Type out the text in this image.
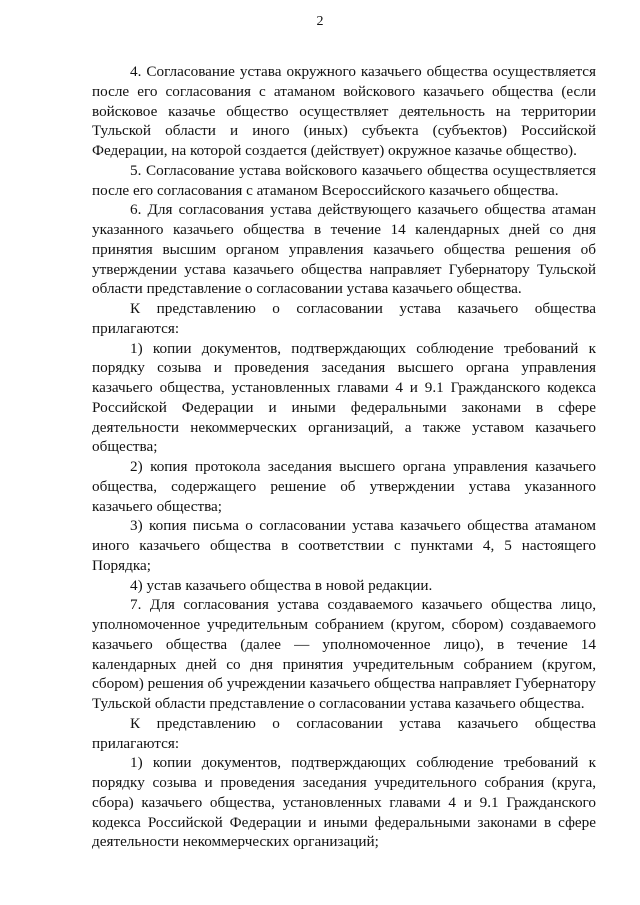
2

4. Согласование устава окружного казачьего общества осуществляется после его согласования с атаманом войскового казачьего общества (если войсковое казачье общество осуществляет деятельность на территории Тульской области и иного (иных) субъекта (субъектов) Российской Федерации, на которой создается (действует) окружное казачье общество).

5. Согласование устава войскового казачьего общества осуществляется после его согласования с атаманом Всероссийского казачьего общества.

6. Для согласования устава действующего казачьего общества атаман указанного казачьего общества в течение 14 календарных дней со дня принятия высшим органом управления казачьего общества решения об утверждении устава казачьего общества направляет Губернатору Тульской области представление о согласовании устава казачьего общества.

К представлению о согласовании устава казачьего общества прилагаются:

1) копии документов, подтверждающих соблюдение требований к порядку созыва и проведения заседания высшего органа управления казачьего общества, установленных главами 4 и 9.1 Гражданского кодекса Российской Федерации и иными федеральными законами в сфере деятельности некоммерческих организаций, а также уставом казачьего общества;

2) копия протокола заседания высшего органа управления казачьего общества, содержащего решение об утверждении устава указанного казачьего общества;

3) копия письма о согласовании устава казачьего общества атаманом иного казачьего общества в соответствии с пунктами 4, 5 настоящего Порядка;

4) устав казачьего общества в новой редакции.

7. Для согласования устава создаваемого казачьего общества лицо, уполномоченное учредительным собранием (кругом, сбором) создаваемого казачьего общества (далее — уполномоченное лицо), в течение 14 календарных дней со дня принятия учредительным собранием (кругом, сбором) решения об учреждении казачьего общества направляет Губернатору Тульской области представление о согласовании устава казачьего общества.

К представлению о согласовании устава казачьего общества прилагаются:

1) копии документов, подтверждающих соблюдение требований к порядку созыва и проведения заседания учредительного собрания (круга, сбора) казачьего общества, установленных главами 4 и 9.1 Гражданского кодекса Российской Федерации и иными федеральными законами в сфере деятельности некоммерческих организаций;
